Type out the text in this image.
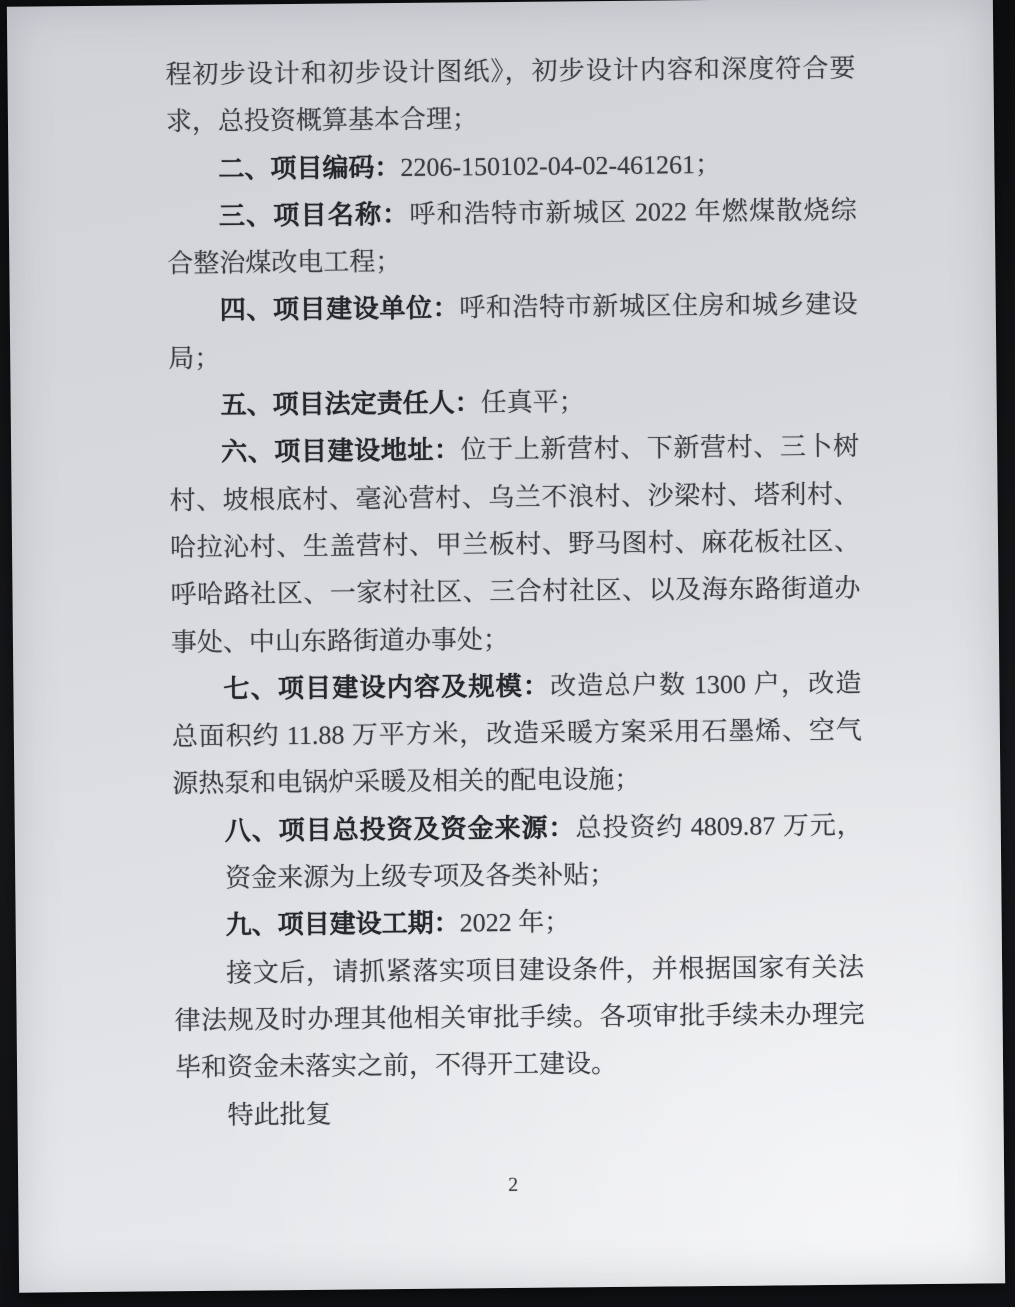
程初步设计和初步设计图纸》，初步设计内容和深度符合要
求，总投资概算基本合理；
二、项目编码：2206-150102-04-02-461261；
三、项目名称：呼和浩特市新城区 2022 年燃煤散烧综
合整治煤改电工程；
四、项目建设单位：呼和浩特市新城区住房和城乡建设
局；
五、项目法定责任人：任真平；
六、项目建设地址：位于上新营村、下新营村、三卜树
村、坡根底村、毫沁营村、乌兰不浪村、沙梁村、塔利村、
哈拉沁村、生盖营村、甲兰板村、野马图村、麻花板社区、
呼哈路社区、一家村社区、三合村社区、以及海东路街道办
事处、中山东路街道办事处；
七、项目建设内容及规模：改造总户数 1300 户，改造
总面积约 11.88 万平方米，改造采暖方案采用石墨烯、空气
源热泵和电锅炉采暖及相关的配电设施；
八、项目总投资及资金来源：总投资约 4809.87 万元，
资金来源为上级专项及各类补贴；
九、项目建设工期：2022 年；
接文后，请抓紧落实项目建设条件，并根据国家有关法
律法规及时办理其他相关审批手续。各项审批手续未办理完
毕和资金未落实之前，不得开工建设。
特此批复
2
